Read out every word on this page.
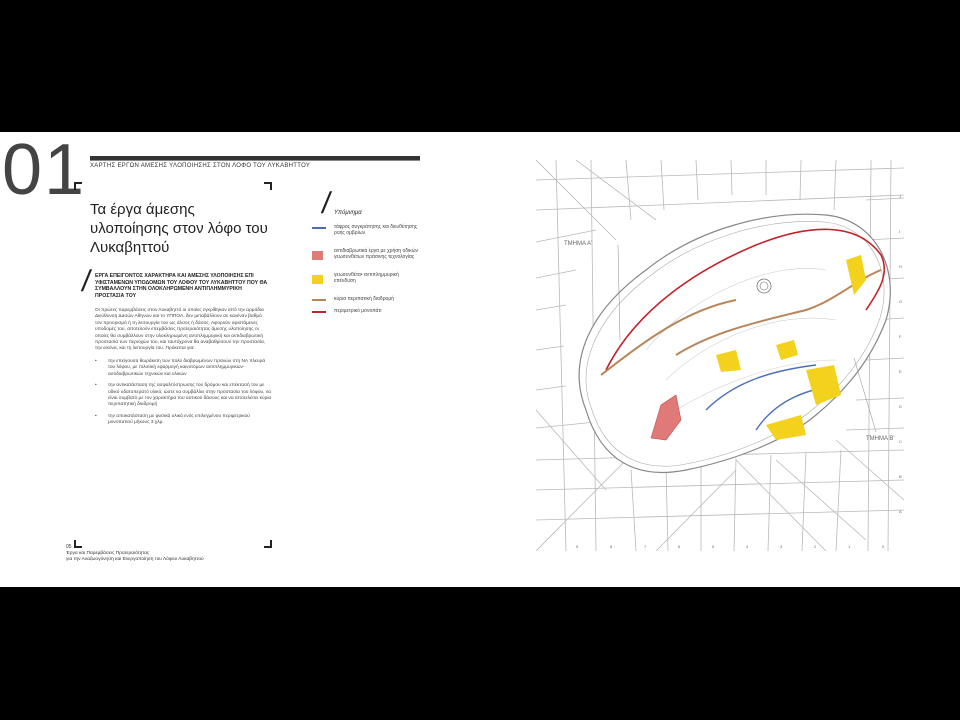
01 ΧΑΡΤΗΣ ΕΡΓΩΝ ΑΜΕΣΗΣ ΥΛΟΠΟΙΗΣΗΣ ΣΤΟΝ ΛΟΦΟ ΤΟΥ ΛΥΚΑΒΗΤΤΟΥ
Τα έργα άμεσης υλοποίησης στον λόφο του Λυκαβηττού
/ ΕΡΓΑ ΕΠΕΙΓΟΝΤΟΣ ΧΑΡΑΚΤΗΡΑ ΚΑΙ ΑΜΕΣΗΣ ΥΛΟΠΟΙΗΣΗΣ ΕΠΙ ΥΦΙΣΤΑΜΕΝΩΝ ΥΠΟΔΟΜΩΝ ΤΟΥ ΛΟΦΟΥ ΤΟΥ ΛΥΚΑΒΗΤΤΟΥ ΠΟΥ ΘΑ ΣΥΜΒΑΛΛΟΥΝ ΣΤΗΝ ΟΛΟΚΛΗΡΩΜΕΝΗ ΑΝΤΙΠΛΗΜΜΥΡΙΚΗ ΠΡΟΣΤΑΣΙΑ ΤΟΥ
Οι πρώτες παρεμβάσεις στον Λυκαβηττό οι οποίες εγκρίθηκαν από την αρμόδια Διεύθυνση Δασών Αθηνών και το ΥΠΠΟΑ, δεν μεταβάλλουν σε κανέναν βαθμό τον προορισμό ή τη λειτουργία του ως άλσος ή δάσος. Αφορούν υφιστάμενες υποδομές του, αποτελούν επεμβάσεις προτεραιότητας άμεσης υλοποίησης οι οποίες θα συμβάλλουν στην ολοκληρωμένη αντιπλημμυρική και αντιδιαβρωτική προστασία των περιοχών του, και ταυτόχρονα θα αναβαθμίσουν την προστασία, την εικόνα, και τη λειτουργία του. Πρόκειται για:
• την επείγουσα θωράκιση των πολύ διαβρωμένων πρανών στη ΝΑ πλευρά του λόφου, με πιλοτική εφαρμογή καινοτόμων αντιπλημμυρικών-αντιδιαβρωτικών τεχνικών και υλικών
• την αντικατάσταση της ασφαλτόστρωσης του δρόμου και επέκτασή του με οδικό υδατοπερατό υλικό, ώστε να συμβάλλει στην προστασία του λόφου, να είναι συμβατό με τον χαρακτήρα του αστικού δάσους και να αποτελέσει κύρια περιπατητική διαδρομή
• την αποκατάσταση με φυσικά υλικά ενός επιλεγμένου περιμετρικού μονοπατιού μήκους 3 χλμ.
05
Έργα και Παρεμβάσεις Προτεραιότητας
για την Αναζωογόνηση και Ενεργοποίηση του Λόφου Λυκαβηττού
/ Υπόμνημα
τάφρος συγκράτησης και διευθέτησης ροής ομβρίων
αντιδιαβρωτικά έργα με χρήση οδικών γεωσυνθέτων πράσινης τεχνολογίας
γεωσυνθέτα• αντιπλημμυρική επένδυση
κύρια περιπατική διαδρομή
περιμετρικό μονοπάτι
ΤΜΗΜΑ Α'
ΤΜΗΜΑ Β'
9	8	7	6	5	4	3	2	1	0
J
I
H
G
F
E
D
C
B
A
